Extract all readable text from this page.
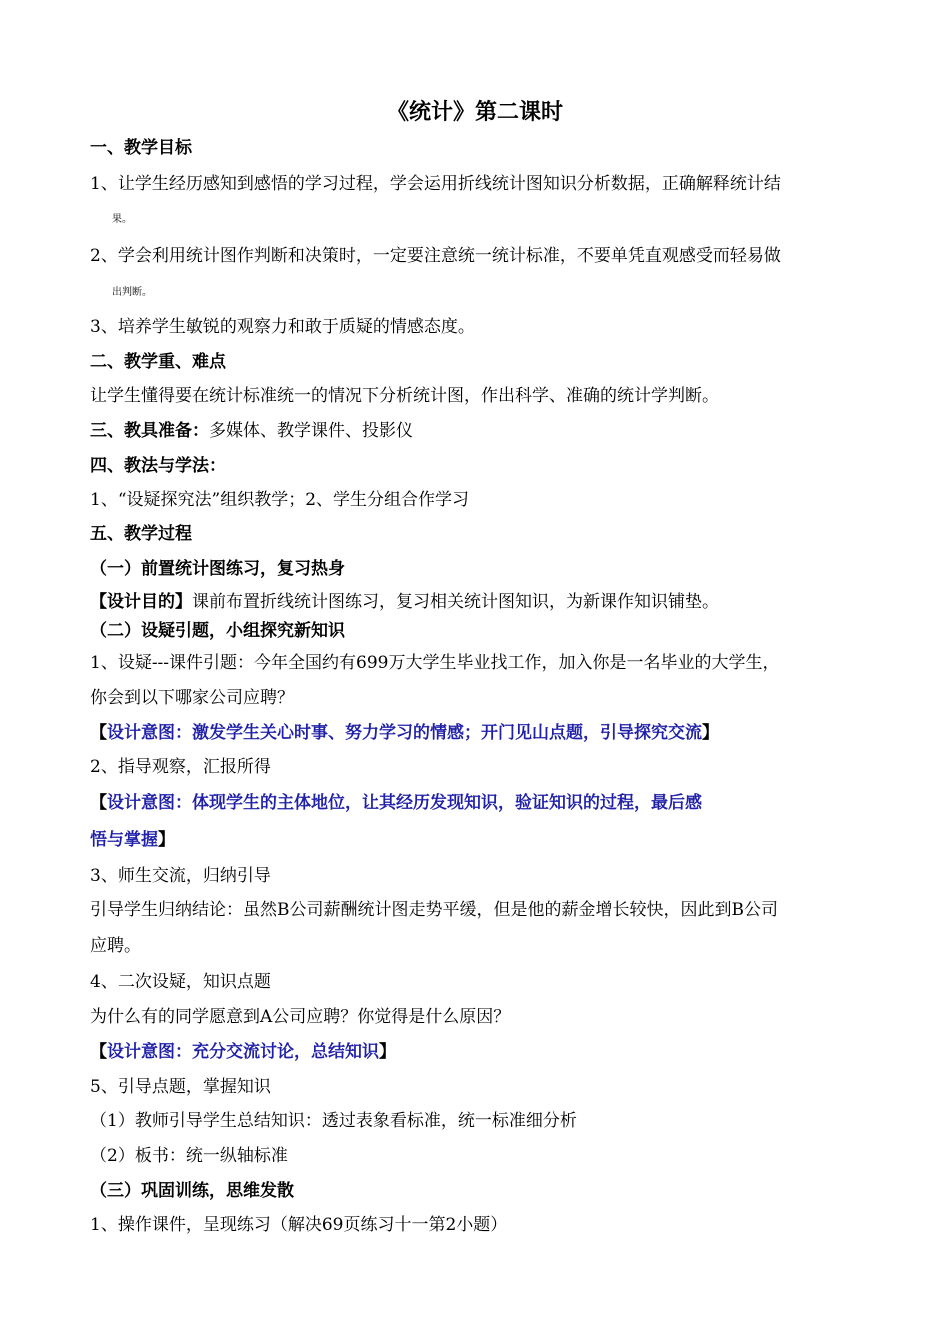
《统计》第二课时
一、教学目标
1、让学生经历感知到感悟的学习过程，学会运用折线统计图知识分析数据，正确解释统计结
果。
2、学会利用统计图作判断和决策时，一定要注意统一统计标准，不要单凭直观感受而轻易做
出判断。
3、培养学生敏锐的观察力和敢于质疑的情感态度。
二、教学重、难点
让学生懂得要在统计标准统一的情况下分析统计图，作出科学、准确的统计学判断。
三、教具准备：多媒体、教学课件、投影仪
四、教法与学法：
1、“设疑探究法”组织教学；2、学生分组合作学习
五、教学过程
（一）前置统计图练习，复习热身
【设计目的】课前布置折线统计图练习，复习相关统计图知识，为新课作知识铺垫。
（二）设疑引题，小组探究新知识
1、设疑---课件引题：今年全国约有699万大学生毕业找工作，加入你是一名毕业的大学生，
你会到以下哪家公司应聘？
【设计意图：激发学生关心时事、努力学习的情感；开门见山点题，引导探究交流】
2、指导观察，汇报所得
【设计意图：体现学生的主体地位，让其经历发现知识，验证知识的过程，最后感
悟与掌握】
3、师生交流，归纳引导
引导学生归纳结论：虽然B公司薪酬统计图走势平缓，但是他的薪金增长较快，因此到B公司
应聘。
4、二次设疑，知识点题
为什么有的同学愿意到A公司应聘？你觉得是什么原因？
【设计意图：充分交流讨论，总结知识】
5、引导点题，掌握知识
（1）教师引导学生总结知识：透过表象看标准，统一标准细分析
（2）板书：统一纵轴标准
（三）巩固训练，思维发散
1、操作课件，呈现练习（解决69页练习十一第2小题）
